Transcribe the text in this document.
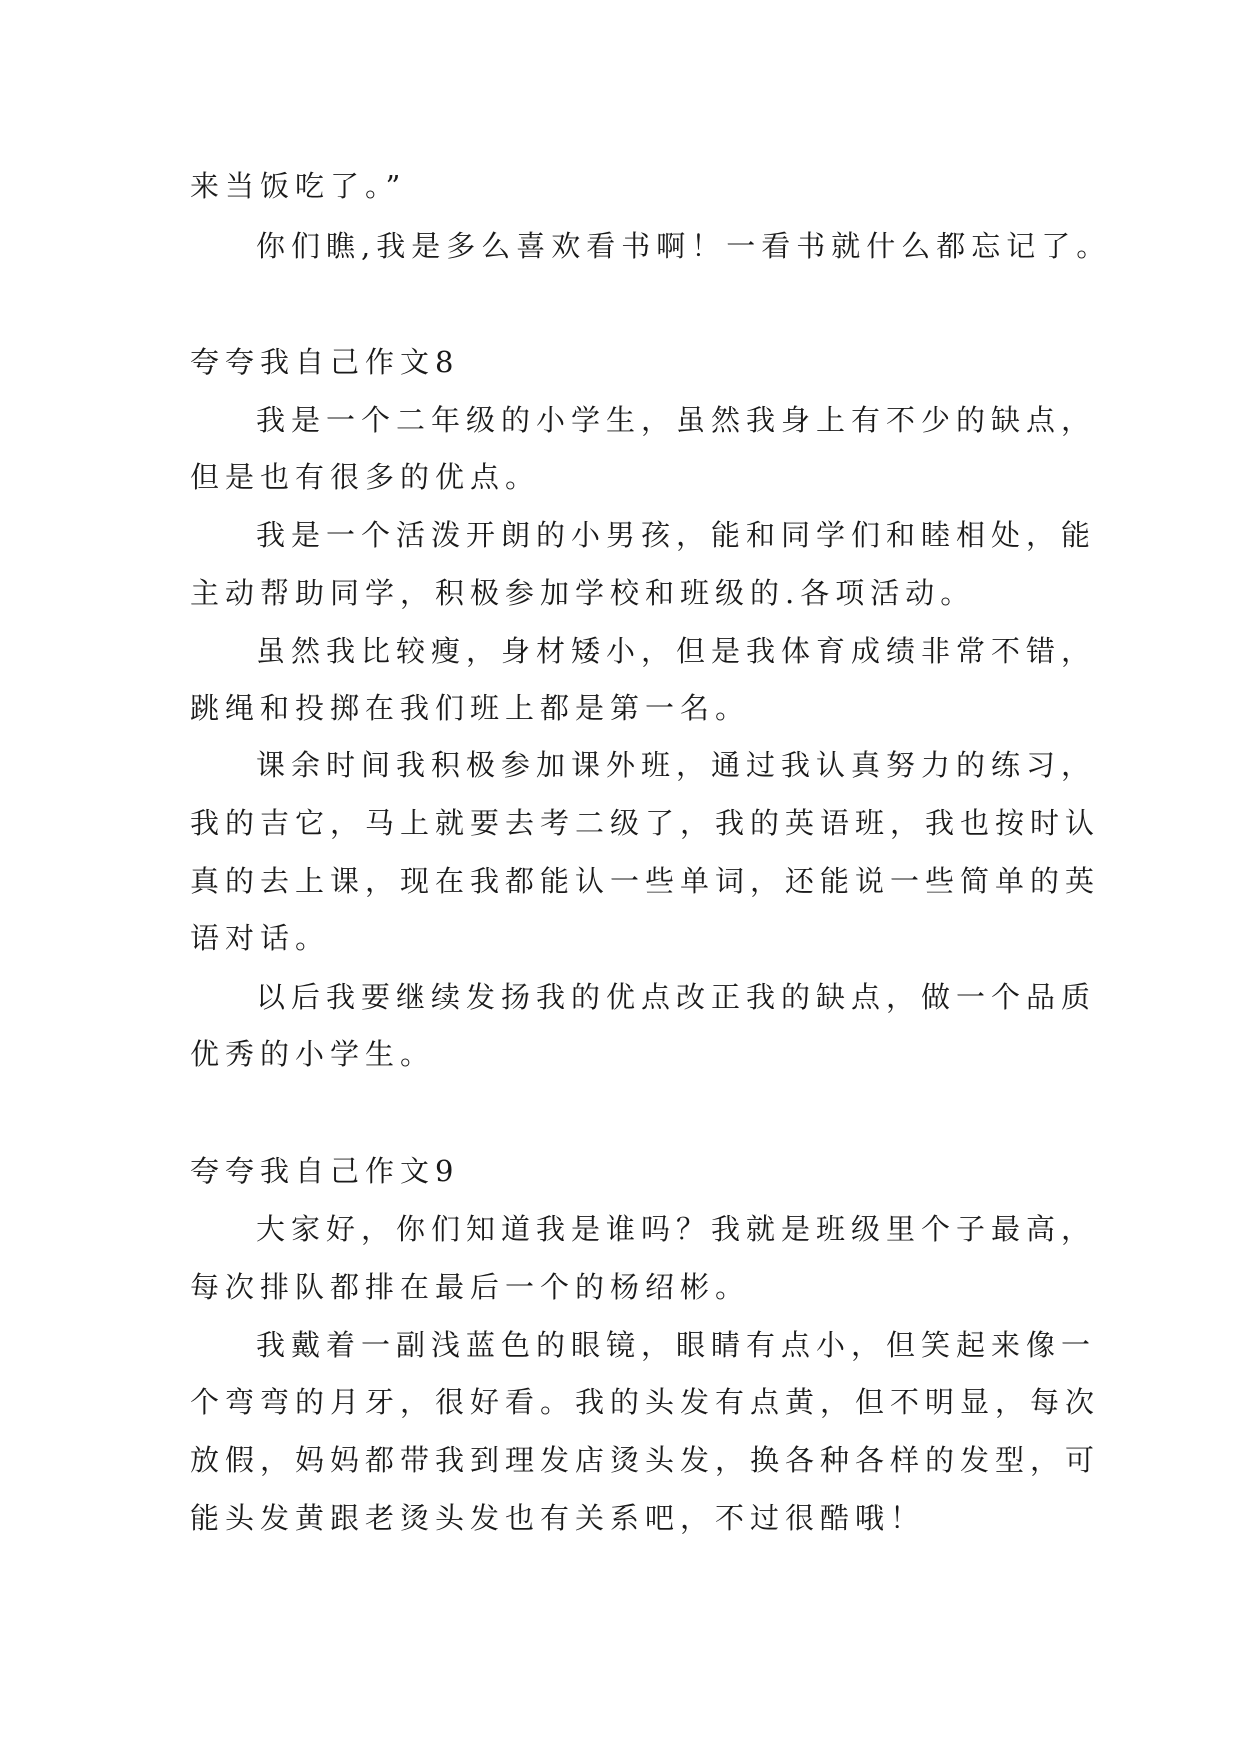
来当饭吃了。”
你们瞧,我是多么喜欢看书啊！一看书就什么都忘记了。
夸夸我自己作文8
我是一个二年级的小学生，虽然我身上有不少的缺点，
但是也有很多的优点。
我是一个活泼开朗的小男孩，能和同学们和睦相处，能
主动帮助同学，积极参加学校和班级的.各项活动。
虽然我比较瘦，身材矮小，但是我体育成绩非常不错，
跳绳和投掷在我们班上都是第一名。
课余时间我积极参加课外班，通过我认真努力的练习，
我的吉它，马上就要去考二级了，我的英语班，我也按时认
真的去上课，现在我都能认一些单词，还能说一些简单的英
语对话。
以后我要继续发扬我的优点改正我的缺点，做一个品质
优秀的小学生。
夸夸我自己作文9
大家好，你们知道我是谁吗？我就是班级里个子最高，
每次排队都排在最后一个的杨绍彬。
我戴着一副浅蓝色的眼镜，眼睛有点小，但笑起来像一
个弯弯的月牙，很好看。我的头发有点黄，但不明显，每次
放假，妈妈都带我到理发店烫头发，换各种各样的发型，可
能头发黄跟老烫头发也有关系吧，不过很酷哦！
